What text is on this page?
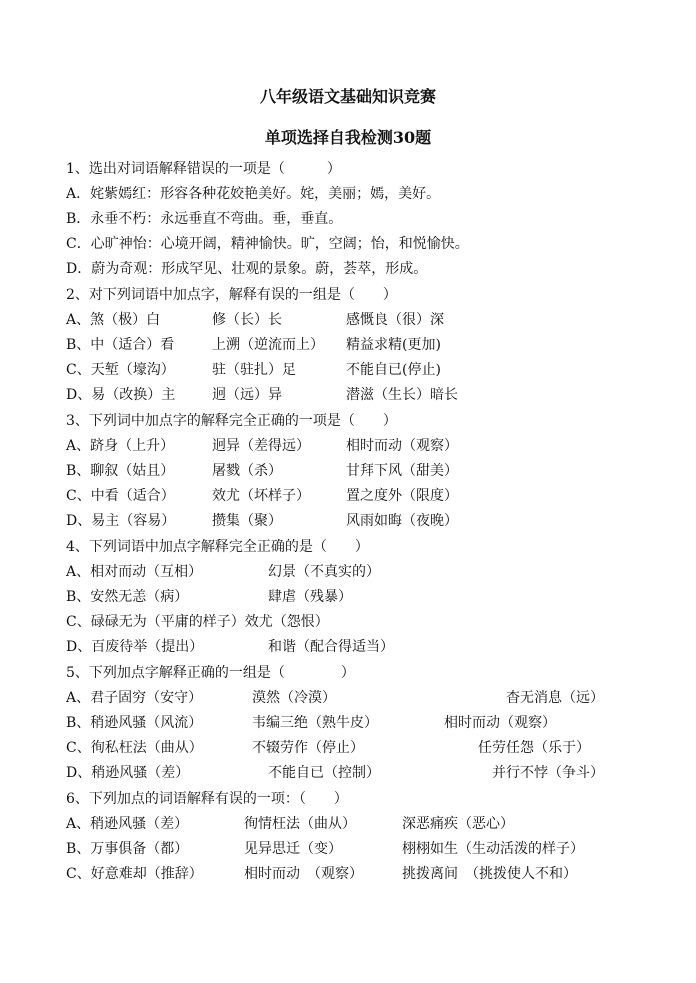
八年级语文基础知识竞赛
单项选择自我检测30题
1、选出对词语解释错误的一项是（　　　）
A．姹紫嫣红：形容各种花姣艳美好。姹，美丽；嫣，美好。
B．永垂不朽：永远垂直不弯曲。垂，垂直。
C．心旷神怡：心境开阔，精神愉快。旷，空阔；怡，和悦愉快。
D．蔚为奇观：形成罕见、壮观的景象。蔚，荟萃，形成。
2、对下列词语中加点字，解释有误的一组是（　　）
A、煞（极）白	修（长）长	感慨良（很）深
B、中（适合）看	上溯（逆流而上） 精益求精(更加)
C、天堑（壕沟）	驻（驻扎）足	不能自已(停止)
D、易（改换）主	迥（远）异	潜滋（生长）暗长
3、下列词中加点字的解释完全正确的一项是（　　）
A、跻身（上升）	迥异（差得远）	相时而动（观察）
B、聊叙（姑且）	屠戮（杀）	甘拜下风（甜美）
C、中看（适合）	效尤（坏样子）	置之度外（限度）
D、易主（容易）	攒集（聚）	风雨如晦（夜晚）
4、下列词语中加点字解释完全正确的是（　　）
A、相对而动（互相）	幻景（不真实的）
B、安然无恙（病）	肆虐（残暴）
C、碌碌无为（平庸的样子）效尤（怨恨）
D、百废待举（提出）	和谐（配合得适当）
5、下列加点字解释正确的一组是（　　　　）
A、君子固穷（安守）	漠然（冷漠）	杳无消息（远）
B、稍逊风骚（风流）	韦编三绝（熟牛皮）	相时而动（观察）
C、徇私枉法（曲从）	不辍劳作（停止）	任劳任怨（乐于）
D、稍逊风骚（差）	不能自已（控制）	并行不悖（争斗）
6、下列加点的词语解释有误的一项：（　　）
A、稍逊风骚（差）	徇情枉法（曲从）	深恶痛疾（恶心）
B、万事俱备（都）	见异思迁（变）	栩栩如生（生动活泼的样子）
C、好意难却（推辞）	相时而动　（观察）	挑拨离间　（挑拨使人不和）
